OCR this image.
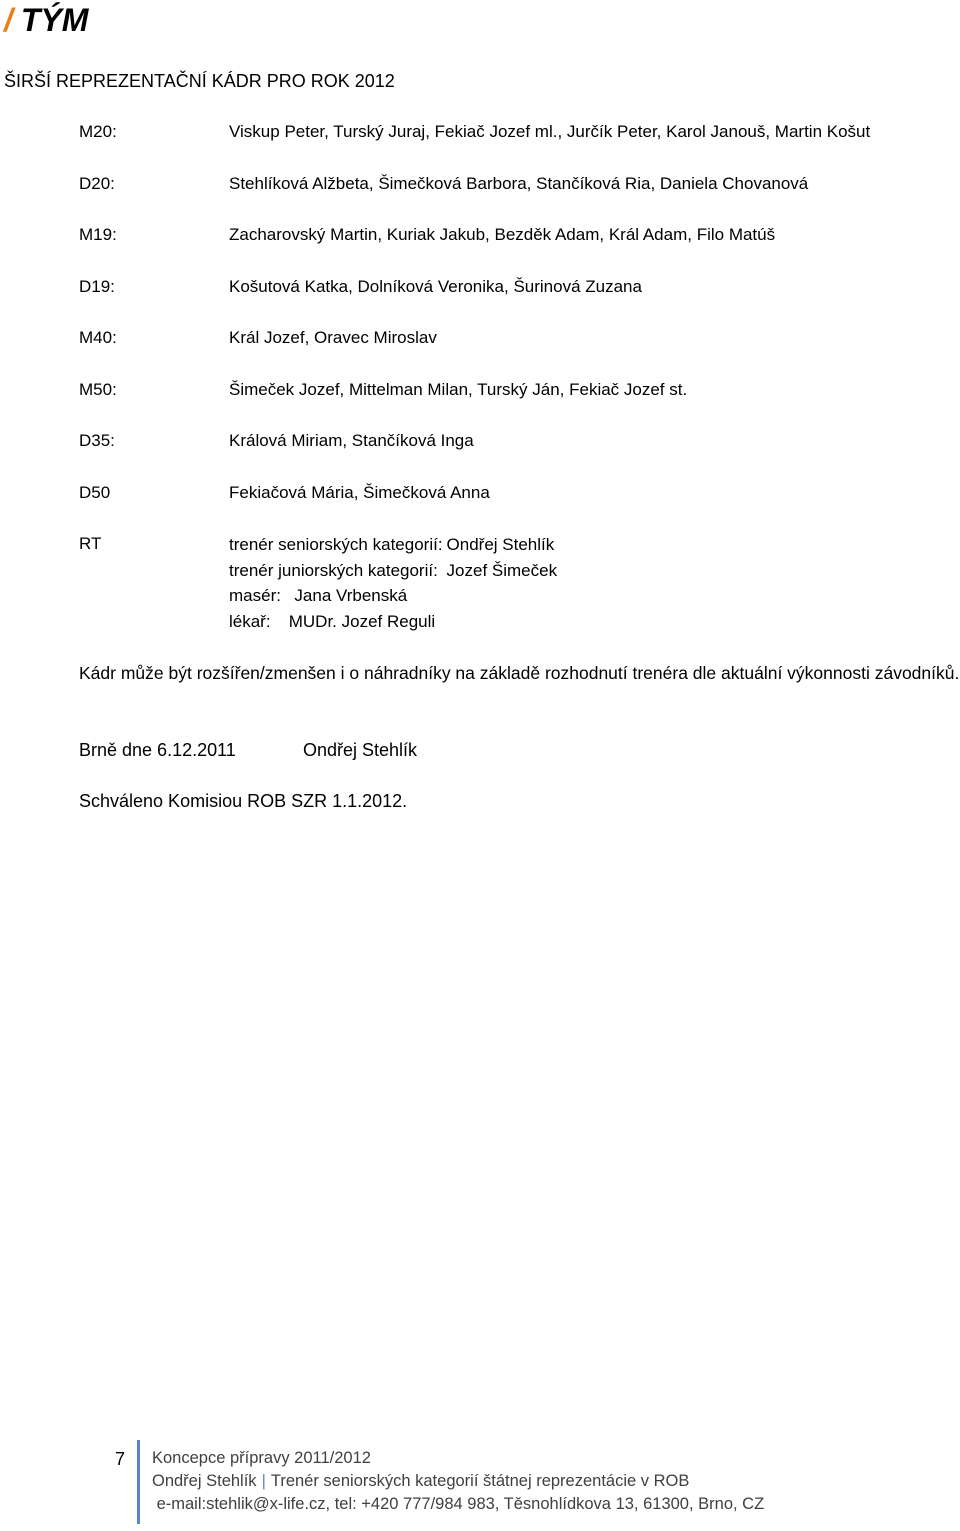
/ TÝM
ŠIRŠÍ REPREZENTAČNÍ KÁDR PRO ROK 2012
M20:	Viskup Peter, Turský Juraj, Fekiač Jozef ml., Jurčík Peter, Karol Janouš, Martin Košut
D20:	Stehlíková Alžbeta, Šimečková Barbora, Stančíková Ria, Daniela Chovanová
M19:	Zacharovský Martin, Kuriak Jakub, Bezděk Adam, Král Adam, Filo Matúš
D19:	Košutová Katka, Dolníková Veronika, Šurinová Zuzana
M40:	Král Jozef, Oravec Miroslav
M50:	Šimeček Jozef, Mittelman Milan, Turský Ján, Fekiač Jozef st.
D35:	Králová Miriam, Stančíková Inga
D50	Fekiačová Mária, Šimečková Anna
RT	trenér seniorských kategorií: Ondřej Stehlík
trenér juniorských kategorií: Jozef Šimeček
masér:  Jana Vrbenská
lékař:   MUDr. Jozef Reguli
Kádr může být rozšířen/zmenšen i o náhradníky na základě rozhodnutí trenéra dle aktuální výkonnosti závodníků.
Brně dne 6.12.2011	Ondřej Stehlík
Schváleno Komisiou ROB SZR 1.1.2012.
7 Koncepce přípravy 2011/2012
Ondřej Stehlík | Trenér seniorských kategorií štátnej reprezentácie v ROB
e-mail:stehlik@x-life.cz, tel: +420 777/984 983, Těsnohlídkova 13, 61300, Brno, CZ
